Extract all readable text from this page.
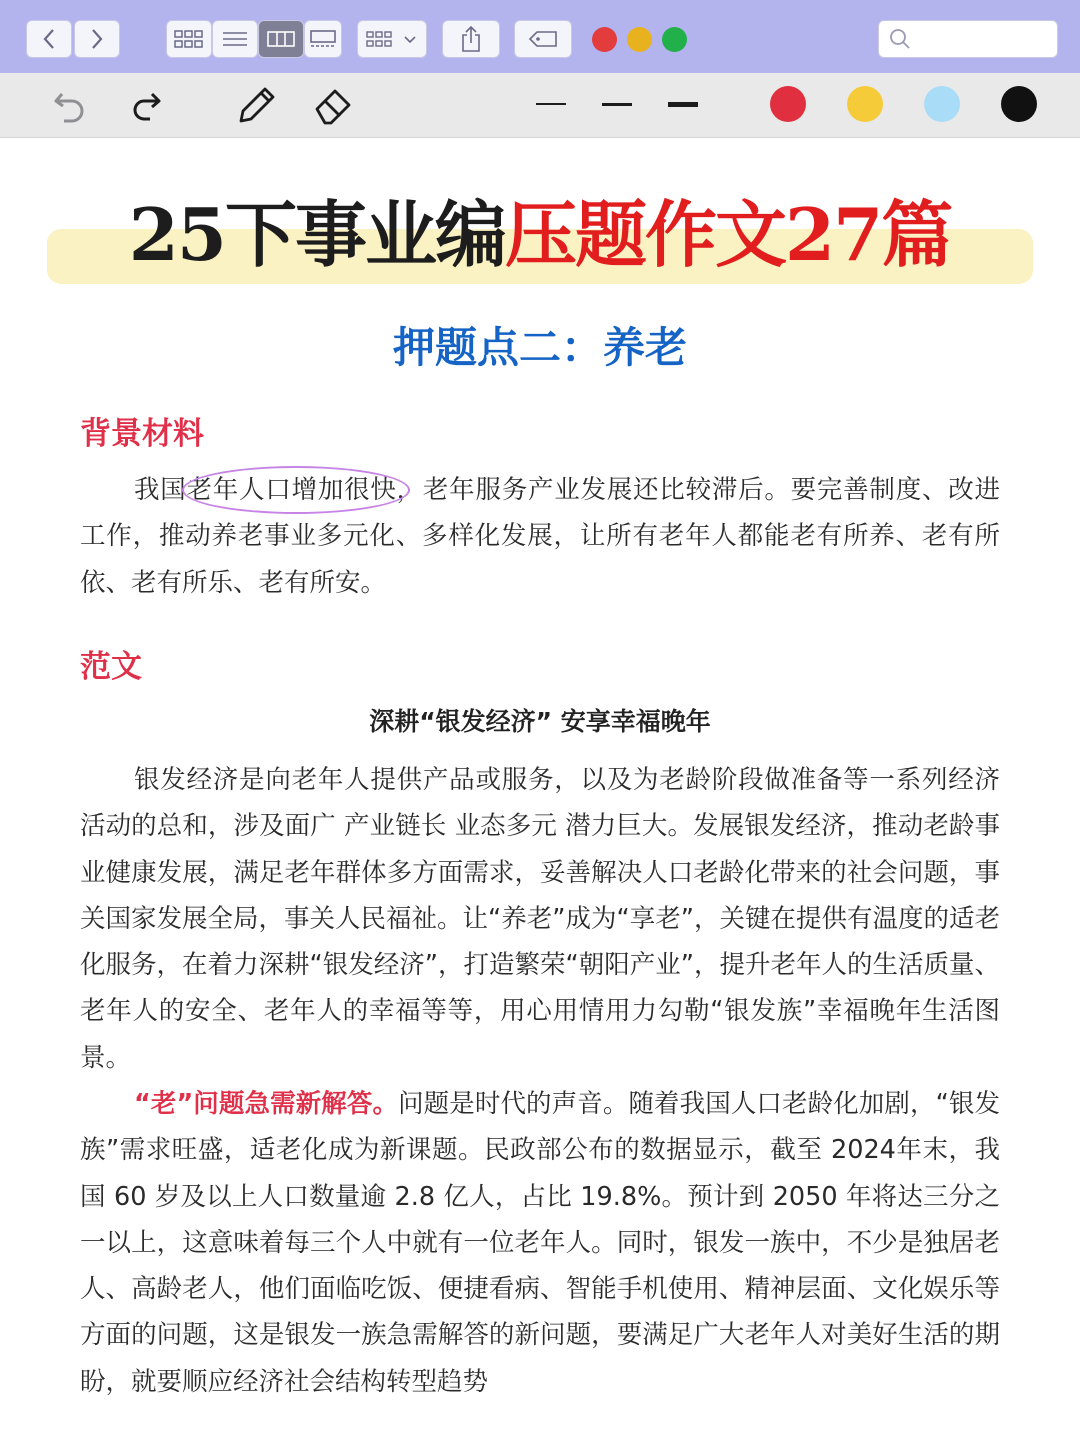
25下事业编压题作文27篇
押题点二：养老
背景材料
我国老年人口增加很快，老年服务产业发展还比较滞后。要完善制度、改进工作，推动养老事业多元化、多样化发展，让所有老年人都能老有所养、老有所依、老有所乐、老有所安。
范文
深耕“银发经济” 安享幸福晚年
银发经济是向老年人提供产品或服务，以及为老龄阶段做准备等一系列经济活动的总和，涉及面广 产业链长 业态多元 潜力巨大。发展银发经济，推动老龄事业健康发展，满足老年群体多方面需求，妥善解决人口老龄化带来的社会问题，事关国家发展全局，事关人民福祉。让“养老”成为“享老”，关键在提供有温度的适老化服务，在着力深耕“银发经济”，打造繁荣“朝阳产业”，提升老年人的生活质量、老年人的安全、老年人的幸福等等，用心用情用力勾勒“银发族”幸福晚年生活图景。
“老”问题急需新解答。问题是时代的声音。随着我国人口老龄化加剧，“银发族”需求旺盛，适老化成为新课题。民政部公布的数据显示，截至 2024年末，我国 60 岁及以上人口数量逾 2.8 亿人，占比 19.8%。预计到 2050 年将达三分之一以上，这意味着每三个人中就有一位老年人。同时，银发一族中，不少是独居老人、高龄老人，他们面临吃饭、便捷看病、智能手机使用、精神层面、文化娱乐等方面的问题，这是银发一族急需解答的新问题，要满足广大老年人对美好生活的期盼，就要顺应经济社会结构转型趋势
